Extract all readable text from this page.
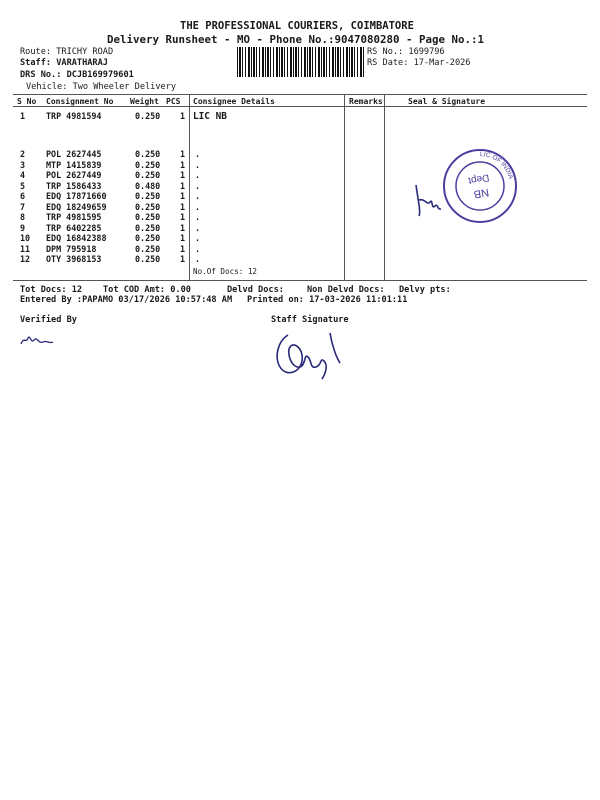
THE PROFESSIONAL COURIERS, COIMBATORE
Delivery Runsheet - MO - Phone No.:9047080280 - Page No.:1
Route: TRICHY ROAD
Staff: VARATHARAJ
DRS No.: DCJB169979601
Vehicle: Two Wheeler Delivery
RS No.: 1699796
RS Date: 17-Mar-2026
S No Consignment No Weight PCS Consignee Details	Remarks	Seal & Signature
1 TRP 4981594	0.250 1 LIC NB
2 POL 2627445	0.250 1 .
3 MTP 1415839	0.250 1 .
4 POL 2627449	0.250 1 .
5 TRP 1586433	0.480 1 .
6 EDQ 17871660	0.250 1 .
7 EDQ 18249659	0.250 1 .
8 TRP 4981595	0.250 1 .
9 TRP 6402285	0.250 1 .
10 EDQ 16842388	0.250 1 .
11 DPM 795918	0.250 1 .
12 OTY 3968153	0.250 1 .
No.Of Docs: 12
LIC OF INDIA
NB
Dept
Tot Docs: 12 Tot COD Amt: 0.00	Delvd Docs:	Non Delvd Docs: Delvy pts:
Entered By :PAPAMO 03/17/2026 10:57:48 AM Printed on: 17-03-2026 11:01:11
Verified By	Staff Signature
